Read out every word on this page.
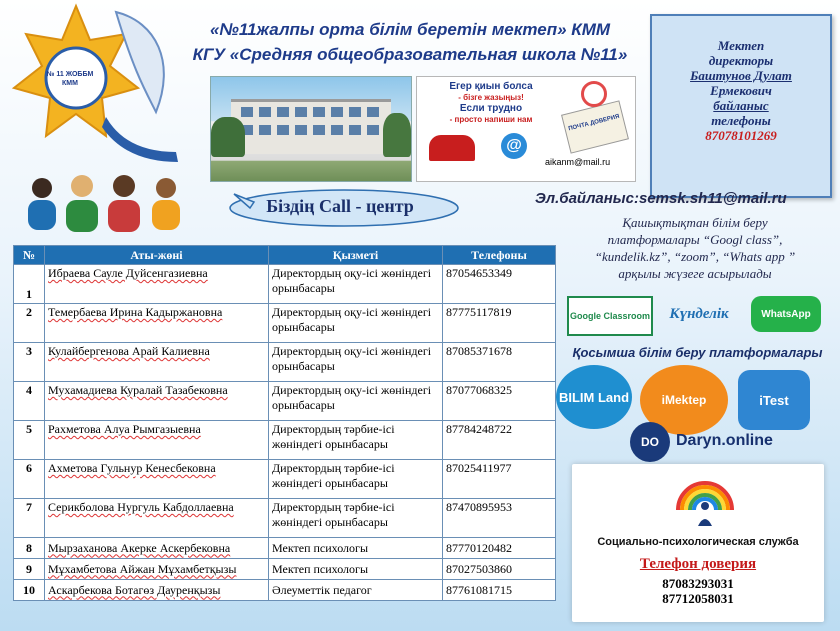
№ 11 ЖОББМ КММ
«№11жалпы орта білім беретін мектеп» КММ
КГУ «Средняя общеобразовательная школа №11»
Егер қиын болса
- бізге жазыңыз!
Если трудно
- просто напиши нам
@
ПОЧТА ДОВЕРИЯ
aikanm@mail.ru
Мектеп
директоры
Баштунов Дулат
Ермекович
байланыс
телефоны
87078101269
Біздің Call - центр	Эл.байланыс:semsk.sh11@mail.ru
Қашықтықтан білім беру
платформалары “Googl class”,
“kundelik.kz”, “zoom”, “Whats app ”
арқылы жүзеге асырылады
№	Аты-жөні	Қызметі	Телефоны
1	Ибраева Сауле Дуйсенгазиевна	Директордың оқу-ісі жөніндегі орынбасары	87054653349
2	Темербаева Ирина Кадыржановна	Директордың оқу-ісі жөніндегі орынбасары	87775117819
3	Кулайбергенова Арай Калиевна	Директордың оқу-ісі жөніндегі орынбасары	87085371678
4	Мухамадиева Куралай Тазабековна	Директордың оқу-ісі жөніндегі орынбасары	87077068325
5	Рахметова Алуа Рымгазыевна	Директордың тәрбие-ісі жөніндегі орынбасары	87784248722
6	Ахметова Гульнур Кенесбековна	Директордың тәрбие-ісі жөніндегі орынбасары	87025411977
7	Серикболова Нургуль Кабдоллаевна	Директордың тәрбие-ісі жөніндегі орынбасары	87470895953
8	Мырзаханова Акерке Аскербековна	Мектеп психологы	87770120482
9	Мұхамбетова Айжан Мұхамбетқызы	Мектеп психологы	87027503860
10	Аскарбекова Ботагөз Дауренқызы	Әлеуметтік педагог	87761081715
Google Classroom	Күнделік	WhatsApp
Қосымша білім беру платформалары
BILIM Land	iMektep	iTest
DO	Daryn.online
Социально-психологическая служба
Телефон доверия
87083293031
87712058031
